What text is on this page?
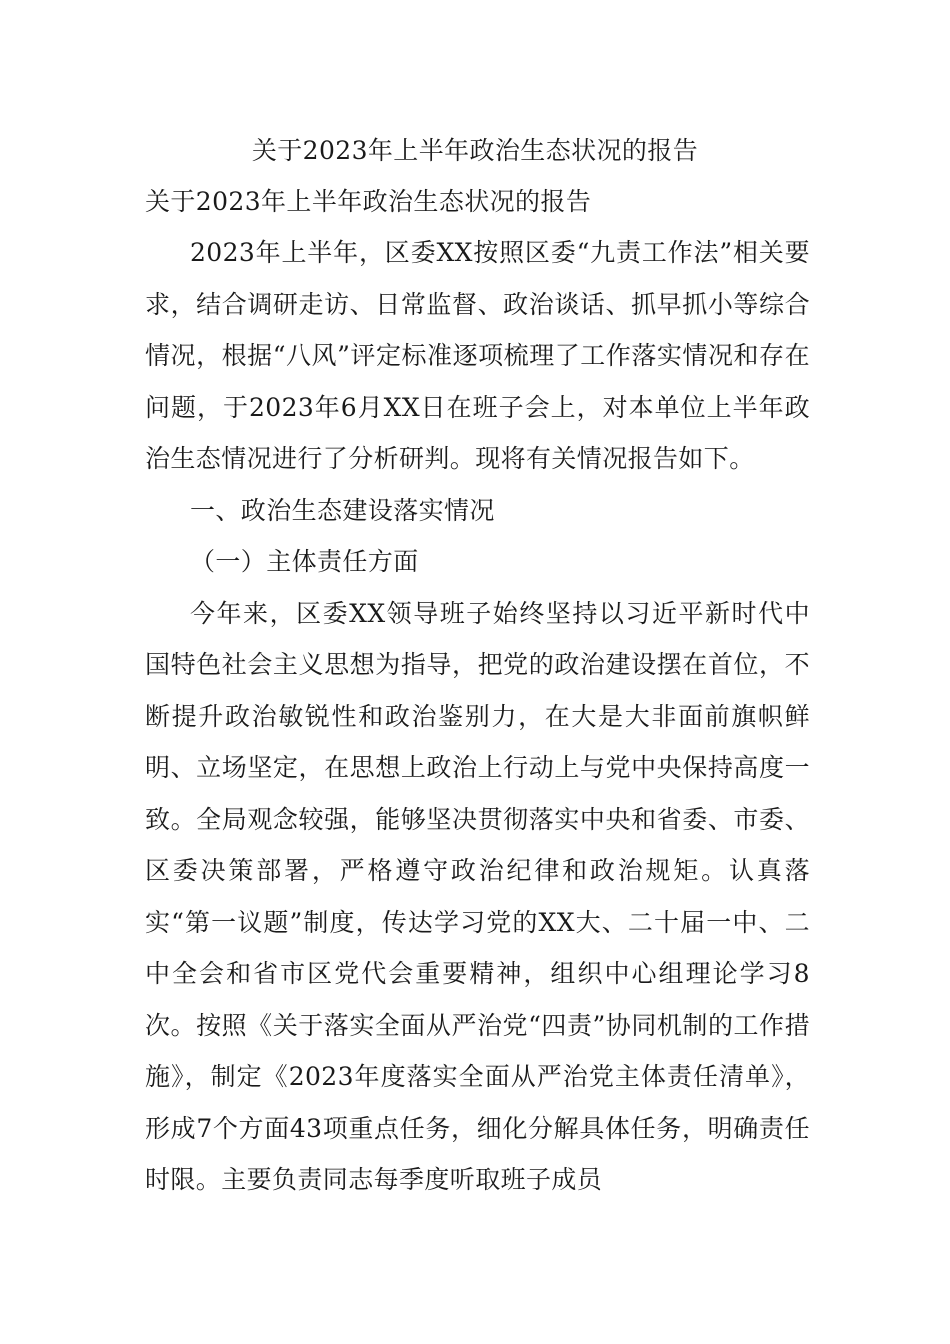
关于2023年上半年政治生态状况的报告
关于2023年上半年政治生态状况的报告

2023年上半年，区委XX按照区委“九责工作法”相关要求，结合调研走访、日常监督、政治谈话、抓早抓小等综合情况，根据“八风”评定标准逐项梳理了工作落实情况和存在问题，于2023年6月XX日在班子会上，对本单位上半年政治生态情况进行了分析研判。现将有关情况报告如下。

一、政治生态建设落实情况

（一）主体责任方面

今年来，区委XX领导班子始终坚持以习近平新时代中国特色社会主义思想为指导，把党的政治建设摆在首位，不断提升政治敏锐性和政治鉴别力，在大是大非面前旗帜鲜明、立场坚定，在思想上政治上行动上与党中央保持高度一致。全局观念较强，能够坚决贯彻落实中央和省委、市委、区委决策部署，严格遵守政治纪律和政治规矩。认真落实“第一议题”制度，传达学习党的XX大、二十届一中、二中全会和省市区党代会重要精神，组织中心组理论学习8次。按照《关于落实全面从严治党“四责”协同机制的工作措施》，制定《2023年度落实全面从严治党主体责任清单》，形成7个方面43项重点任务，细化分解具体任务，明确责任时限。主要负责同志每季度听取班子成员
